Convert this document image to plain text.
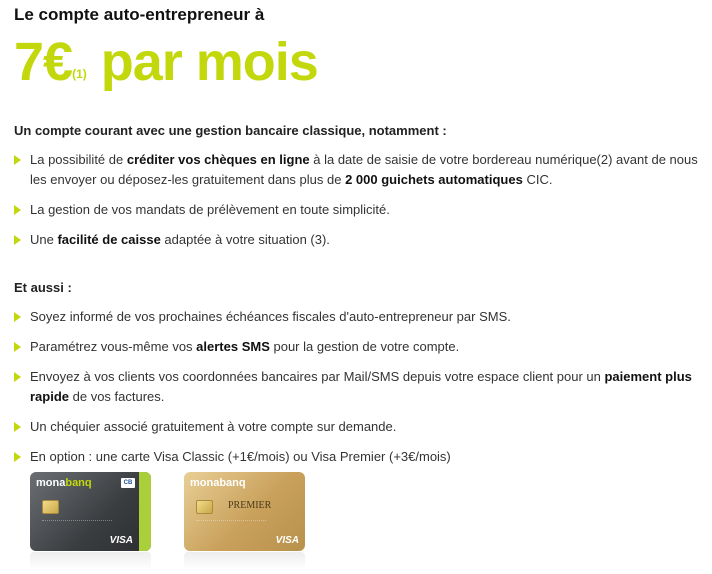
Le compte auto-entrepreneur à
7€$^{(1)}$ par mois
Un compte courant avec une gestion bancaire classique, notamment :
La possibilité de créditer vos chèques en ligne à la date de saisie de votre bordereau numérique(2) avant de nous les envoyer ou déposez-les gratuitement dans plus de 2 000 guichets automatiques CIC.
La gestion de vos mandats de prélèvement en toute simplicité.
Une facilité de caisse adaptée à votre situation (3).
Et aussi :
Soyez informé de vos prochaines échéances fiscales d'auto-entrepreneur par SMS.
Paramétrez vous-même vos alertes SMS pour la gestion de votre compte.
Envoyez à vos clients vos coordonnées bancaires par Mail/SMS depuis votre espace client pour un paiement plus rapide de vos factures.
Un chéquier associé gratuitement à votre compte sur demande.
En option : une carte Visa Classic (+1€/mois) ou Visa Premier (+3€/mois)
monabanq	CB
VISA
monabanq
PREMIER
VISA
